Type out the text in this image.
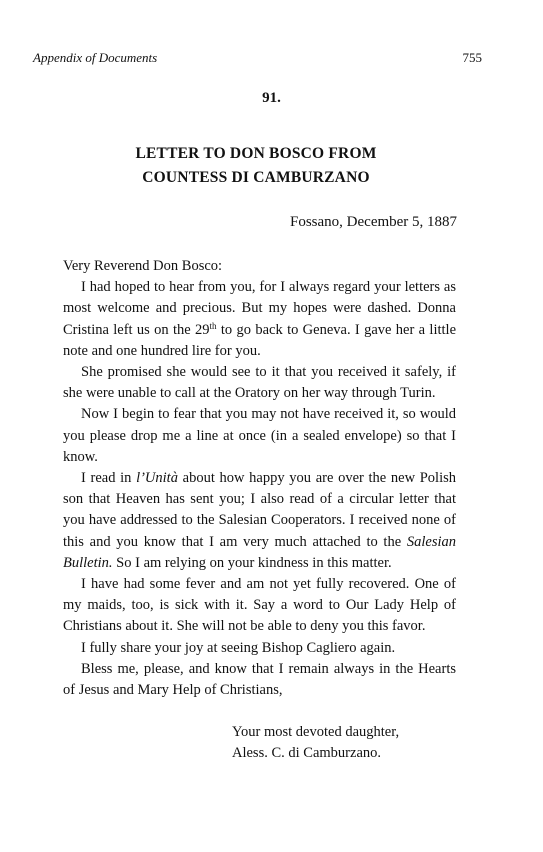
Appendix of Documents	755
91.
LETTER TO DON BOSCO FROM
COUNTESS DI CAMBURZANO
Fossano, December 5, 1887

Very Reverend Don Bosco:

I had hoped to hear from you, for I always regard your letters as most welcome and precious. But my hopes were dashed. Donna Cristina left us on the 29th to go back to Geneva. I gave her a little note and one hundred lire for you.

She promised she would see to it that you received it safely, if she were unable to call at the Oratory on her way through Turin.

Now I begin to fear that you may not have received it, so would you please drop me a line at once (in a sealed envelope) so that I know.

I read in l’Unità about how happy you are over the new Polish son that Heaven has sent you; I also read of a circular letter that you have addressed to the Salesian Cooperators. I received none of this and you know that I am very much attached to the Salesian Bulletin. So I am relying on your kindness in this matter.

I have had some fever and am not yet fully recovered. One of my maids, too, is sick with it. Say a word to Our Lady Help of Christians about it. She will not be able to deny you this favor.

I fully share your joy at seeing Bishop Cagliero again.

Bless me, please, and know that I remain always in the Hearts of Jesus and Mary Help of Christians,

Your most devoted daughter,
Aless. C. di Camburzano.
